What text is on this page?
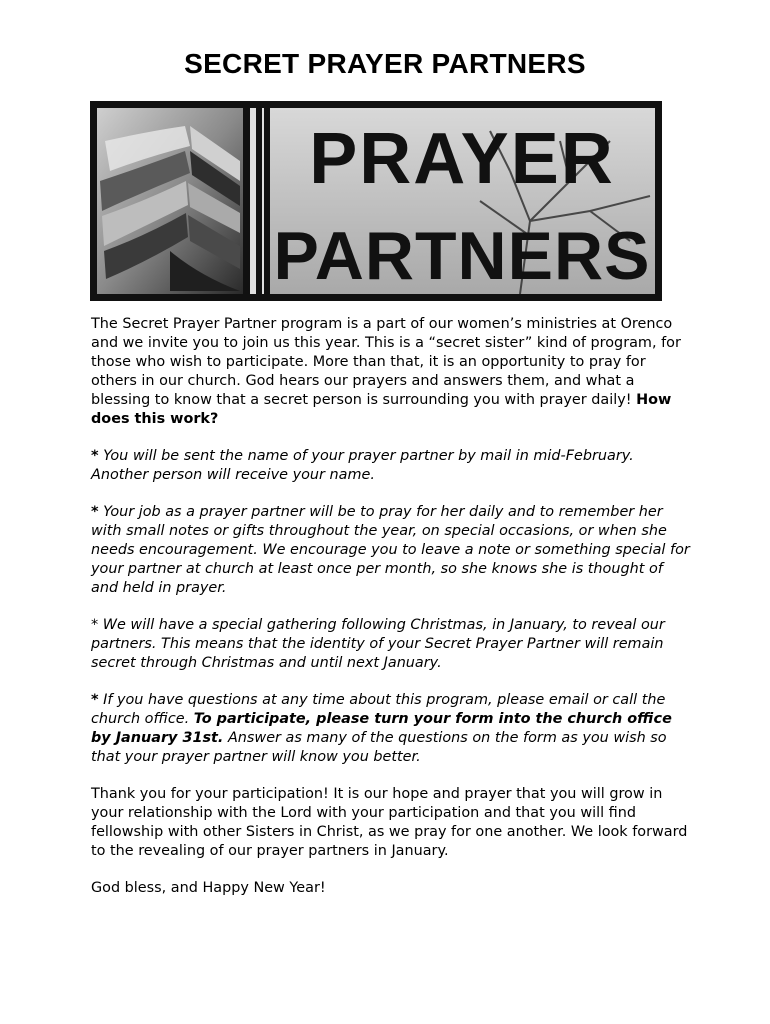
SECRET PRAYER PARTNERS
PRAYER
PARTNERS

The Secret Prayer Partner program is a part of our women’s ministries at Orenco and we invite you to join us this year. This is a “secret sister” kind of program, for those who wish to participate. More than that, it is an opportunity to pray for others in our church. God hears our prayers and answers them, and what a blessing to know that a secret person is surrounding you with prayer daily! How does this work?

* You will be sent the name of your prayer partner by mail in mid-February. Another person will receive your name.

* Your job as a prayer partner will be to pray for her daily and to remember her with small notes or gifts throughout the year, on special occasions, or when she needs encouragement. We encourage you to leave a note or something special for your partner at church at least once per month, so she knows she is thought of and held in prayer.

* We will have a special gathering following Christmas, in January, to reveal our partners. This means that the identity of your Secret Prayer Partner will remain secret through Christmas and until next January.

* If you have questions at any time about this program, please email or call the church office. To participate, please turn your form into the church office by January 31st. Answer as many of the questions on the form as you wish so that your prayer partner will know you better.

Thank you for your participation! It is our hope and prayer that you will grow in your relationship with the Lord with your participation and that you will find fellowship with other Sisters in Christ, as we pray for one another. We look forward to the revealing of our prayer partners in January.

God bless, and Happy New Year!
